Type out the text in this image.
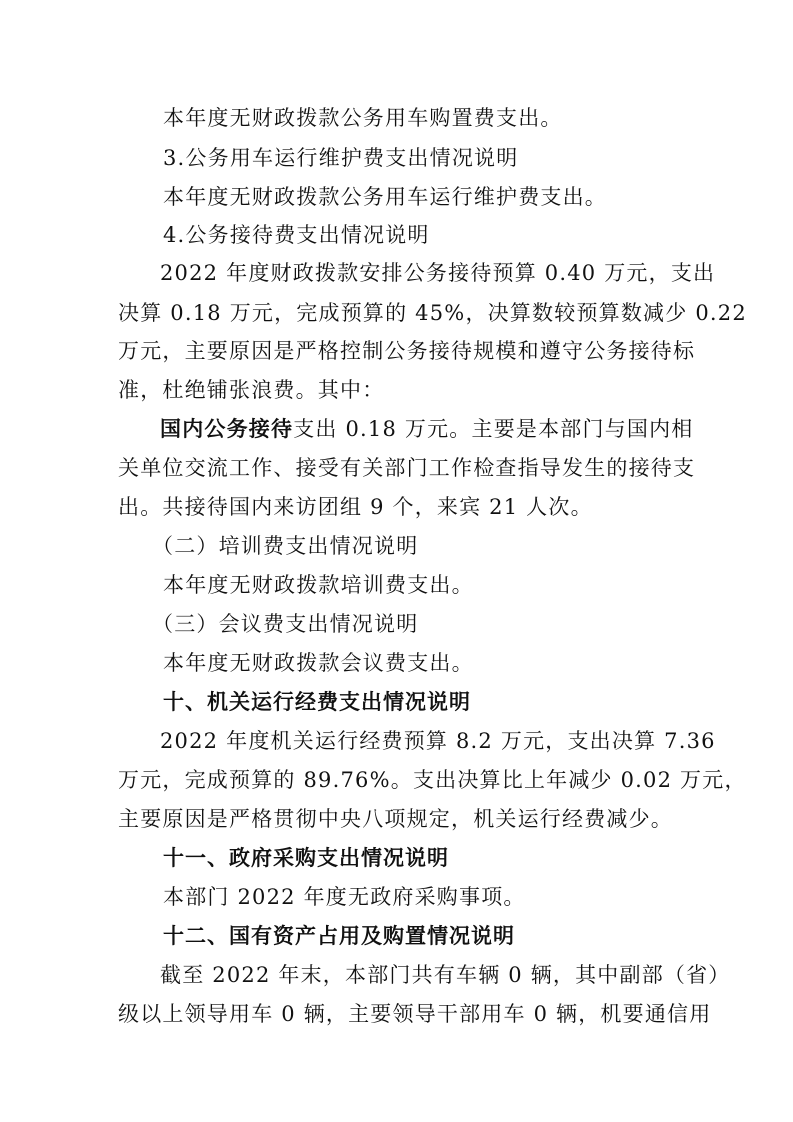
本年度无财政拨款公务用车购置费支出。
3.公务用车运行维护费支出情况说明
本年度无财政拨款公务用车运行维护费支出。
4.公务接待费支出情况说明
2022 年度财政拨款安排公务接待预算 0.40 万元，支出
决算 0.18 万元，完成预算的 45%，决算数较预算数减少 0.22
万元，主要原因是严格控制公务接待规模和遵守公务接待标
准，杜绝铺张浪费。其中：
国内公务接待支出 0.18 万元。主要是本部门与国内相
关单位交流工作、接受有关部门工作检查指导发生的接待支
出。共接待国内来访团组 9 个，来宾 21 人次。
（二）培训费支出情况说明
本年度无财政拨款培训费支出。
（三）会议费支出情况说明
本年度无财政拨款会议费支出。
十、机关运行经费支出情况说明
2022 年度机关运行经费预算 8.2 万元，支出决算 7.36
万元，完成预算的 89.76%。支出决算比上年减少 0.02 万元，
主要原因是严格贯彻中央八项规定，机关运行经费减少。
十一、政府采购支出情况说明
本部门 2022 年度无政府采购事项。
十二、国有资产占用及购置情况说明
截至 2022 年末，本部门共有车辆 0 辆，其中副部（省）
级以上领导用车 0 辆，主要领导干部用车 0 辆，机要通信用
